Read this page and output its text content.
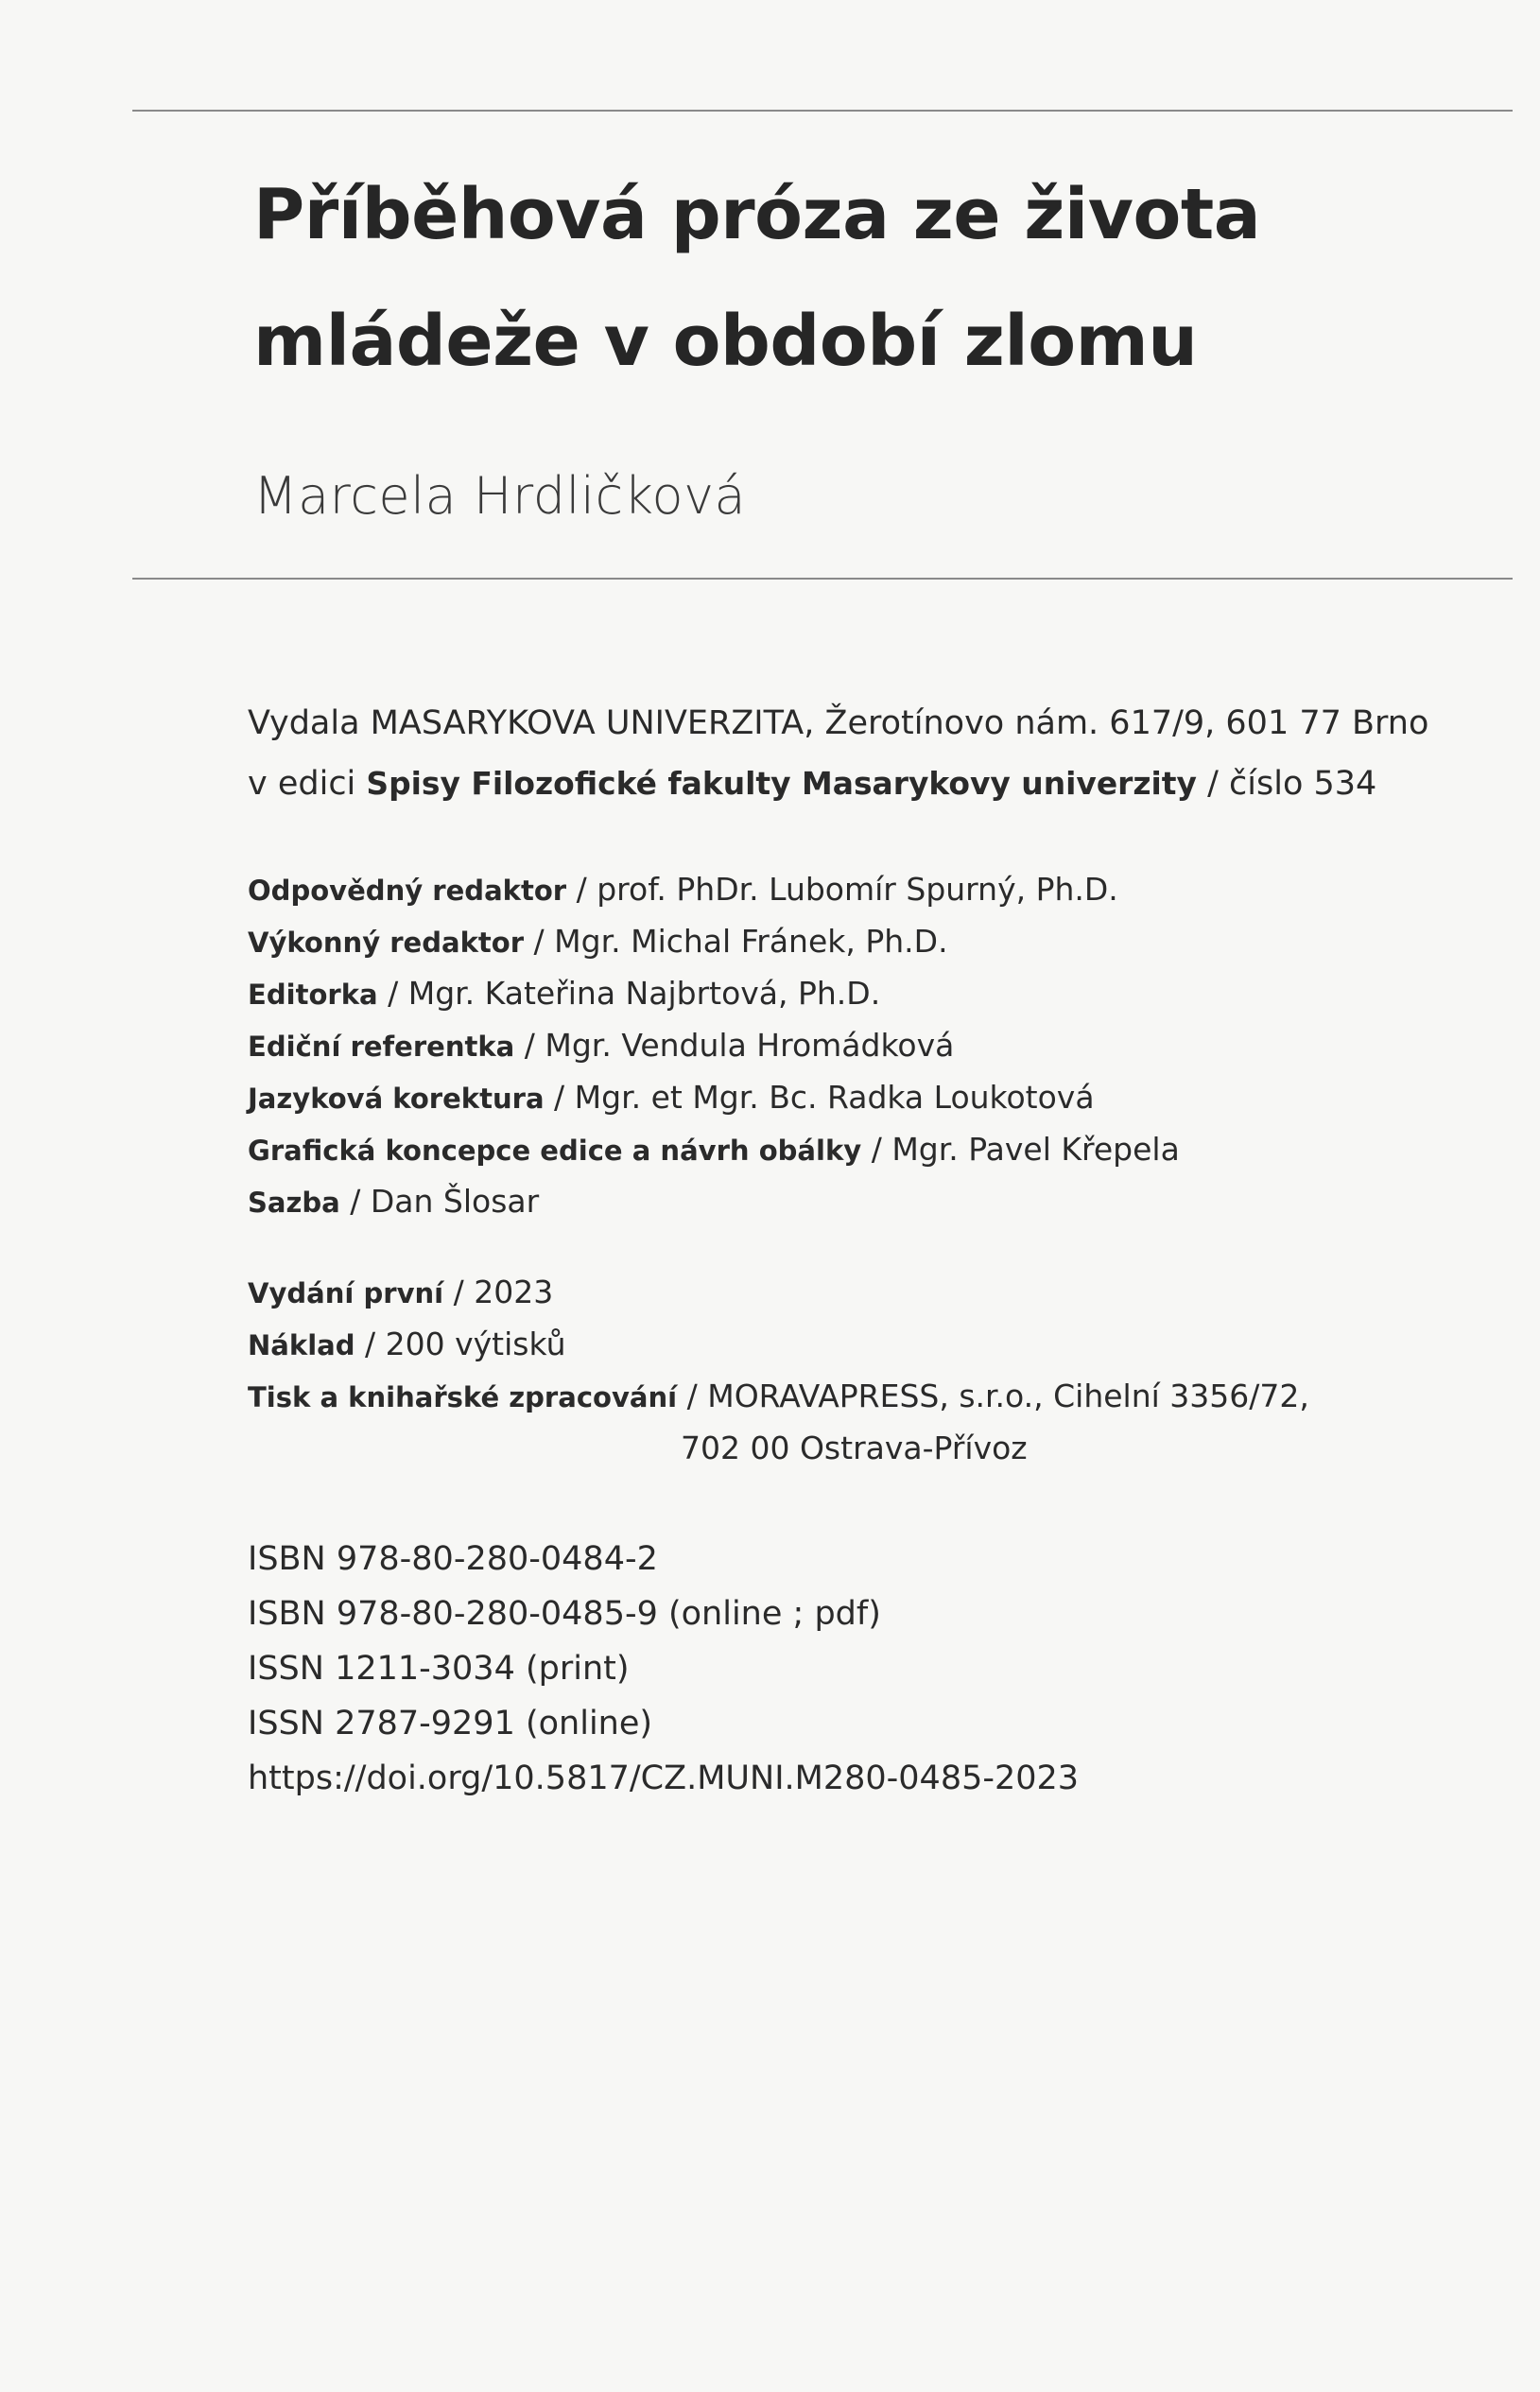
Příběhová próza ze života
mládeže v období zlomu
Marcela Hrdličková
Vydala MASARYKOVA UNIVERZITA, Žerotínovo nám. 617/9, 601 77 Brno
v edici Spisy Filozofické fakulty Masarykovy univerzity / číslo 534
Odpovědný redaktor / prof. PhDr. Lubomír Spurný, Ph.D.
Výkonný redaktor / Mgr. Michal Fránek, Ph.D.
Editorka / Mgr. Kateřina Najbrtová, Ph.D.
Ediční referentka / Mgr. Vendula Hromádková
Jazyková korektura / Mgr. et Mgr. Bc. Radka Loukotová
Grafická koncepce edice a návrh obálky / Mgr. Pavel Křepela
Sazba / Dan Šlosar
Vydání první / 2023
Náklad / 200 výtisků
Tisk a knihařské zpracování / MORAVAPRESS, s.r.o., Cihelní 3356/72,
702 00 Ostrava-Přívoz
ISBN 978-80-280-0484-2
ISBN 978-80-280-0485-9 (online ; pdf)
ISSN 1211-3034 (print)
ISSN 2787-9291 (online)
https://doi.org/10.5817/CZ.MUNI.M280-0485-2023
